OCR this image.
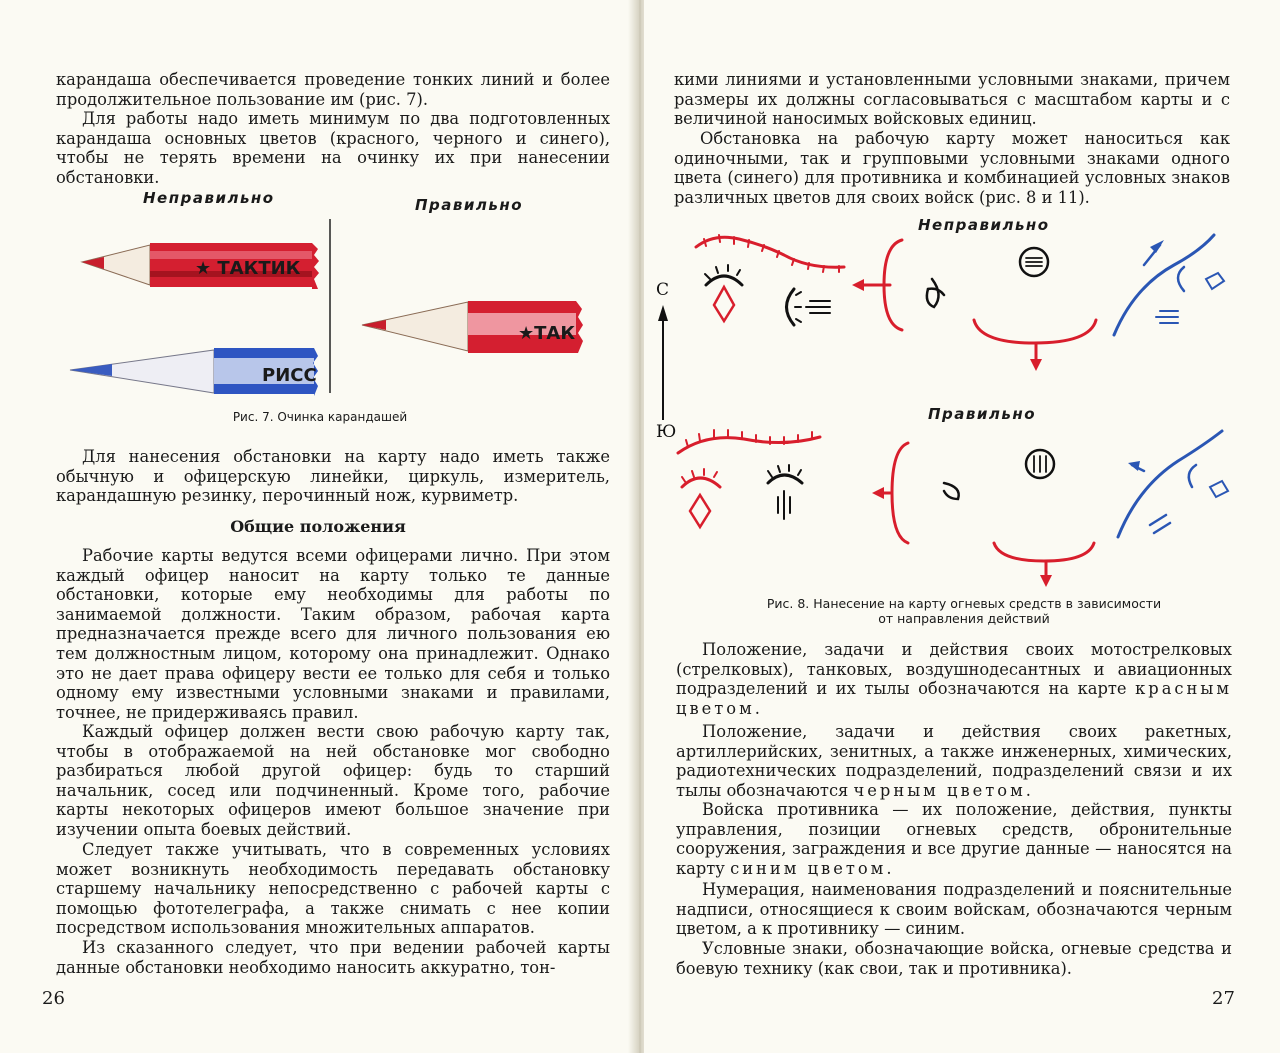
карандаша обеспечивается проведение тонких линий и более продолжительное пользование им (рис. 7).

Для работы надо иметь минимум по два подготовленных карандаша основных цветов (красного, черного и синего), чтобы не терять времени на очинку их при нанесении обстановки.

Неправильно	Правильно
★ ТАКТИК
РИСС
★ТАК
Рис. 7. Очинка карандашей

Для нанесения обстановки на карту надо иметь также обычную и офицерскую линейки, циркуль, измеритель, карандашную резинку, перочинный нож, курвиметр.

Общие положения

Рабочие карты ведутся всеми офицерами лично. При этом каждый офицер наносит на карту только те данные обстановки, которые ему необходимы для работы по занимаемой должности. Таким образом, рабочая карта предназначается прежде всего для личного пользования ею тем должностным лицом, которому она принадлежит. Однако это не дает права офицеру вести ее только для себя и только одному ему известными условными знаками и правилами, точнее, не придерживаясь правил.

Каждый офицер должен вести свою рабочую карту так, чтобы в отображаемой на ней обстановке мог свободно разбираться любой другой офицер: будь то старший начальник, сосед или подчиненный. Кроме того, рабочие карты некоторых офицеров имеют большое значение при изучении опыта боевых действий.

Следует также учитывать, что в современных условиях может возникнуть необходимость передавать обстановку старшему начальнику непосредственно с рабочей карты с помощью фототелеграфа, а также снимать с нее копии посредством использования множительных аппаратов.

Из сказанного следует, что при ведении рабочей карты данные обстановки необходимо наносить аккуратно, тон-

26

кими линиями и установленными условными знаками, причем размеры их должны согласовываться с масштабом карты и с величиной наносимых войсковых единиц.

Обстановка на рабочую карту может наноситься как одиночными, так и групповыми условными знаками одного цвета (синего) для противника и комбинацией условных знаков различных цветов для своих войск (рис. 8 и 11).

Неправильно
Правильно
С
Ю
Рис. 8. Нанесение на карту огневых средств в зависимости
от направления действий

Положение, задачи и действия своих мотострелковых (стрелковых), танковых, воздушнодесантных и авиационных подразделений и их тылы обозначаются на карте красным цветом.

Положение, задачи и действия своих ракетных, артиллерийских, зенитных, а также инженерных, химических, радиотехнических подразделений, подразделений связи и их тылы обозначаются черным цветом.

Войска противника — их положение, действия, пункты управления, позиции огневых средств, обронительные сооружения, заграждения и все другие данные — наносятся на карту синим цветом.

Нумерация, наименования подразделений и пояснительные надписи, относящиеся к своим войскам, обозначаются черным цветом, а к противнику — синим.

Условные знаки, обозначающие войска, огневые средства и боевую технику (как свои, так и противника).

27
